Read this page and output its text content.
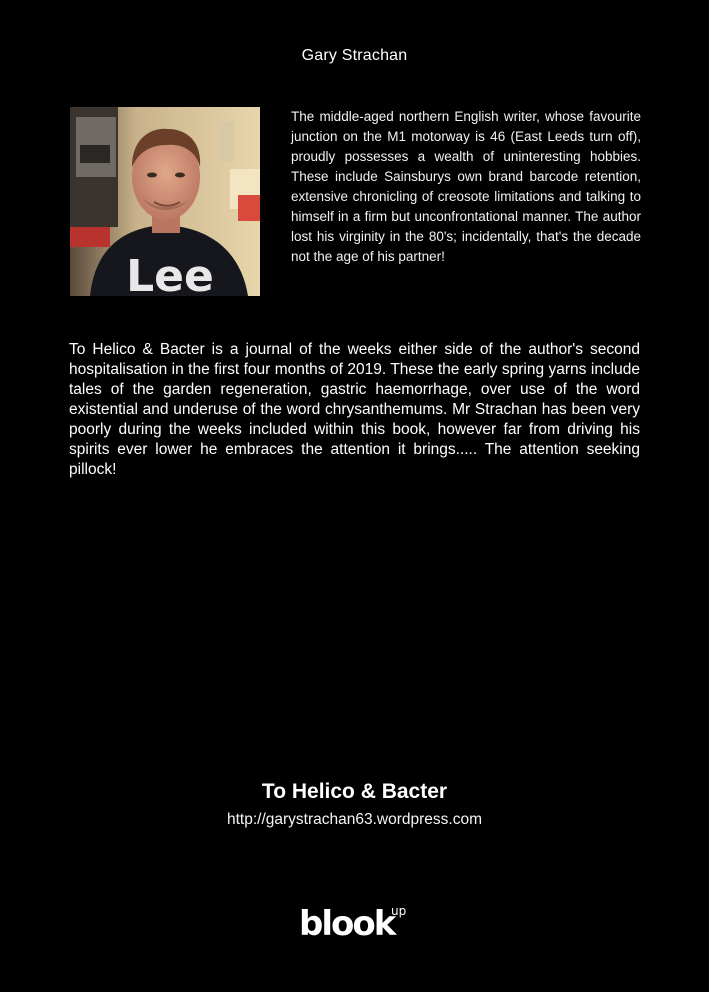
Gary Strachan
Lee

The middle-aged northern English writer, whose favourite junction on the M1 motorway is 46 (East Leeds turn off), proudly possesses a wealth of uninteresting hobbies. These include Sainsburys own brand barcode retention, extensive chronicling of creosote limitations and talking to himself in a firm but unconfrontational manner. The author lost his virginity in the 80's; incidentally, that's the decade not the age of his partner!

To Helico & Bacter is a journal of the weeks either side of the author's second hospitalisation in the first four months of 2019. These the early spring yarns include tales of the garden regeneration, gastric haemorrhage, over use of the word existential and underuse of the word chrysanthemums. Mr Strachan has been very poorly during the weeks included within this book, however far from driving his spirits ever lower he embraces the attention it brings..... The attention seeking pillock!

To Helico & Bacter
http://garystrachan63.wordpress.com
blook
up
